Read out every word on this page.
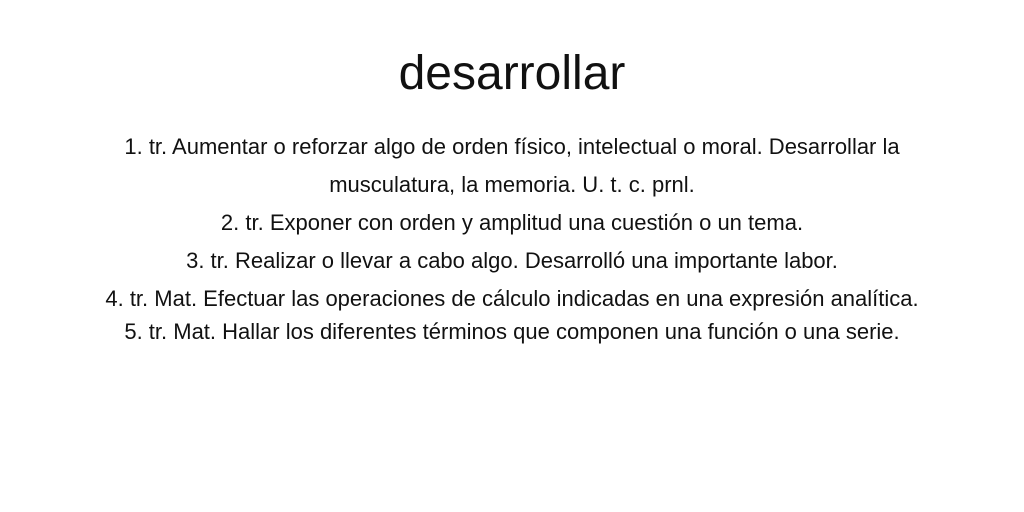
desarrollar
1. tr. Aumentar o reforzar algo de orden físico, intelectual o moral. Desarrollar la musculatura, la memoria. U. t. c. prnl.
2. tr. Exponer con orden y amplitud una cuestión o un tema.
3. tr. Realizar o llevar a cabo algo. Desarrolló una importante labor.
4. tr. Mat. Efectuar las operaciones de cálculo indicadas en una expresión analítica.
5. tr. Mat. Hallar los diferentes términos que componen una función o una serie.
